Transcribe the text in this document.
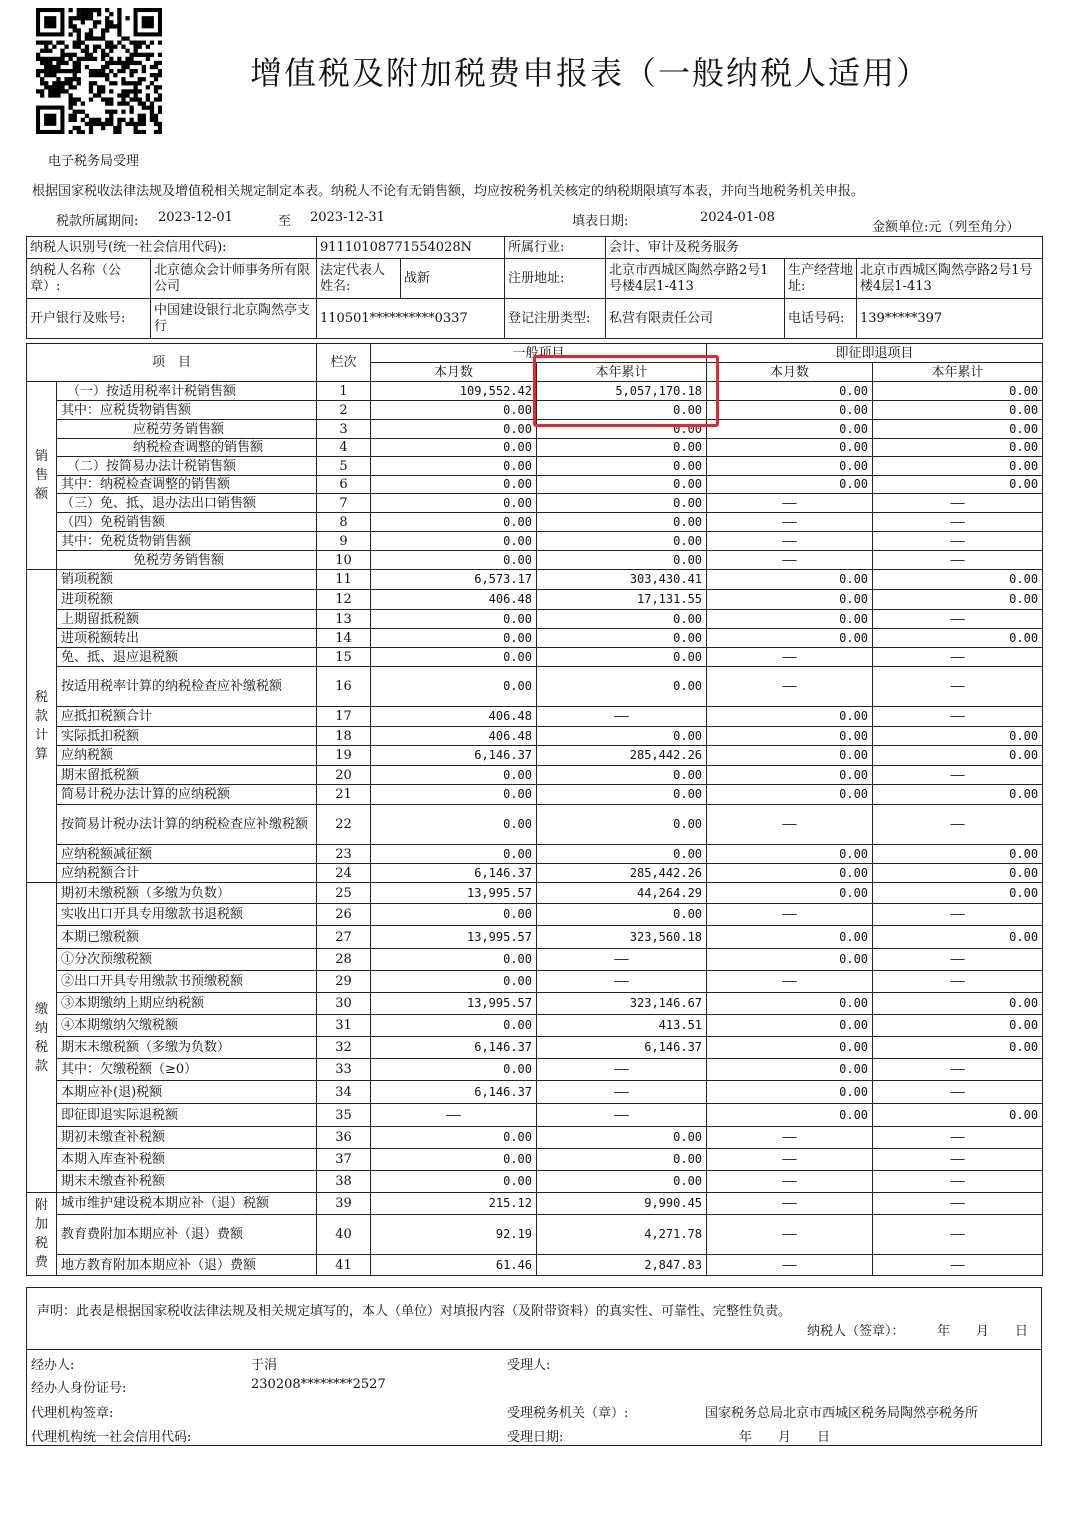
增值税及附加税费申报表（一般纳税人适用）
电子税务局受理
根据国家税收法律法规及增值税相关规定制定本表。纳税人不论有无销售额，均应按税务机关核定的纳税期限填写本表，并向当地税务机关申报。
税款所属期间: 2023-12-01	至 2023-12-31	填表日期:	2024-01-08
金额单位:元（列至角分）
纳税人识别号(统一社会信用代码):		91110108771554028N		所属行业:	会计、审计及税务服务		
纳税人名称（公章）:	北京德众会计师事务所有限公司	法定代表人姓名:	战新	注册地址:	北京市西城区陶然亭路2号1号楼4层1-413	生产经营地址:	北京市西城区陶然亭路2号1号楼4层1-413
开户银行及账号:	中国建设银行北京陶然亭支行	110501**********0337		登记注册类型:	私营有限责任公司	电话号码:	139*****397
项　目		栏次	一般项目		即征即退项目	
			本月数	本年累计	本月数	本年累计
销
售
额	（一）按适用税率计税销售额	1	109,552.42	5,057,170.18	0.00	0.00
	其中：应税货物销售额	2	0.00	0.00	0.00	0.00
	应税劳务销售额	3	0.00	0.00	0.00	0.00
	纳税检查调整的销售额	4	0.00	0.00	0.00	0.00
	（二）按简易办法计税销售额	5	0.00	0.00	0.00	0.00
	其中：纳税检查调整的销售额	6	0.00	0.00	0.00	0.00
	（三）免、抵、退办法出口销售额	7	0.00	0.00	——	——
	（四）免税销售额	8	0.00	0.00	——	——
	其中：免税货物销售额	9	0.00	0.00	——	——
	免税劳务销售额	10	0.00	0.00	——	——
税
款
计
算	销项税额	11	6,573.17	303,430.41	0.00	0.00
	进项税额	12	406.48	17,131.55	0.00	0.00
	上期留抵税额	13	0.00	0.00	0.00	——
	进项税额转出	14	0.00	0.00	0.00	0.00
	免、抵、退应退税额	15	0.00	0.00	——	——
	按适用税率计算的纳税检查应补缴税额	16	0.00	0.00	——	——
	应抵扣税额合计	17	406.48	——	0.00	——
	实际抵扣税额	18	406.48	0.00	0.00	0.00
	应纳税额	19	6,146.37	285,442.26	0.00	0.00
	期末留抵税额	20	0.00	0.00	0.00	——
	简易计税办法计算的应纳税额	21	0.00	0.00	0.00	0.00
	按简易计税办法计算的纳税检查应补缴税额	22	0.00	0.00	——	——
	应纳税额减征额	23	0.00	0.00	0.00	0.00
	应纳税额合计	24	6,146.37	285,442.26	0.00	0.00
缴
纳
税
款	期初未缴税额（多缴为负数）	25	13,995.57	44,264.29	0.00	0.00
	实收出口开具专用缴款书退税额	26	0.00	0.00	——	——
	本期已缴税额	27	13,995.57	323,560.18	0.00	0.00
	①分次预缴税额	28	0.00	——	0.00	——
	②出口开具专用缴款书预缴税额	29	0.00	——	——	——
	③本期缴纳上期应纳税额	30	13,995.57	323,146.67	0.00	0.00
	④本期缴纳欠缴税额	31	0.00	413.51	0.00	0.00
	期末未缴税额（多缴为负数）	32	6,146.37	6,146.37	0.00	0.00
	其中：欠缴税额（≥0）	33	0.00	——	0.00	——
	本期应补(退)税额	34	6,146.37	——	0.00	——
	即征即退实际退税额	35	——	——	0.00	0.00
	期初未缴查补税额	36	0.00	0.00	——	——
	本期入库查补税额	37	0.00	0.00	——	——
	期末未缴查补税额	38	0.00	0.00	——	——
附
加
税
费	城市维护建设税本期应补（退）税额	39	215.12	9,990.45	——	——
	教育费附加本期应补（退）费额	40	92.19	4,271.78	——	——
	地方教育附加本期应补（退）费额	41	61.46	2,847.83	——	——
声明：此表是根据国家税收法律法规及相关规定填写的，本人（单位）对填报内容（及附带资料）的真实性、可靠性、完整性负责。
纳税人（签章）：　　　年　　月　　日
经办人:	于涓	受理人:
经办人身份证号:	230208********2527
代理机构签章:	受理税务机关（章）:	国家税务总局北京市西城区税务局陶然亭税务所
代理机构统一社会信用代码:	受理日期:	年　　月　　日
